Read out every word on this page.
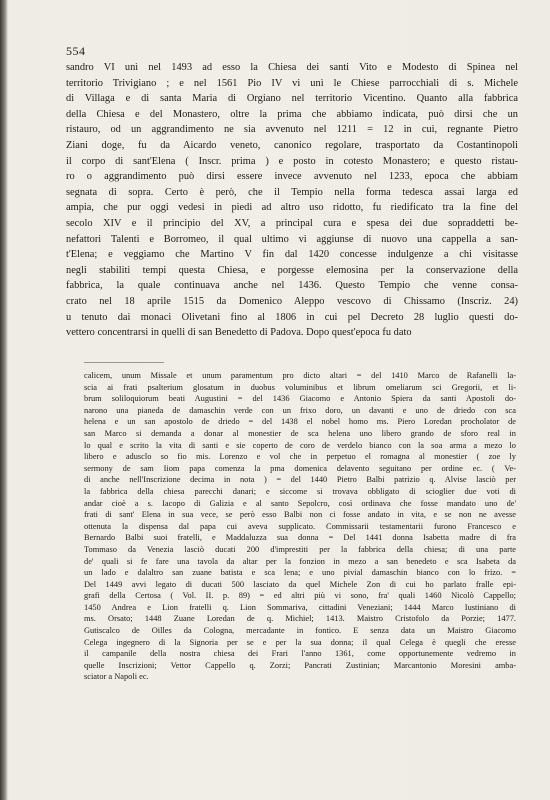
554
sandro VI unì nel 1493 ad esso la Chiesa dei santi Vito e Modesto di Spinea nel
territorio Trivigiano ; e nel 1561 Pio IV vi unì le Chiese parrocchiali di s. Michele
di Villaga e di santa Maria di Orgiano nel territorio Vicentino. Quanto alla fabbrica
della Chiesa e del Monastero, oltre la prima che abbiamo indicata, può dirsi che un
ristauro, od un aggrandimento ne sia avvenuto nel 1211 = 12 in cui, regnante Pietro
Ziani doge, fu da Aicardo veneto, canonico regolare, trasportato da Costantinopoli
il corpo di sant'Elena ( Inscr. prima ) e posto in cotesto Monastero; e questo ristau-
ro o aggrandimento può dirsi essere invece avvenuto nel 1233, epoca che abbiam
segnata di sopra. Certo è però, che il Tempio nella forma tedesca assai larga ed
ampia, che pur oggi vedesi in piedi ad altro uso ridotto, fu riedificato tra la fine del
secolo XIV e il principio del XV, a principal cura e spesa dei due sopraddetti be-
nefattori Talenti e Borromeo, il qual ultimo vi aggiunse di nuovo una cappella a san-
t'Elena; e veggiamo che Martino V fin dal 1420 concesse indulgenze a chi visitasse
negli stabiliti tempi questa Chiesa, e porgesse elemosina per la conservazione della
fabbrica, la quale continuava anche nel 1436. Questo Tempio che venne consa-
crato nel 18 aprile 1515 da Domenico Aleppo vescovo di Chissamo (Inscriz. 24)
u tenuto dai monaci Olivetani fino al 1806 in cui pel Decreto 28 luglio questi do-
vettero concentrarsi in quelli di san Benedetto di Padova. Dopo quest'epoca fu dato
calicem, unum Missale et unum paramentum pro dicto altari = del 1410 Marco de Rafanelli la-
scia ai frati psalterium glosatum in duobus voluminibus et librum omeliarum sci Gregorii, et li-
brum soliloquiorum beati Augustini = del 1436 Giacomo e Antonio Spiera da santi Apostoli do-
narono una pianeda de damaschin verde con un frixo doro, un davanti e uno de driedo con sca
helena e un san apostolo de driedo = del 1438 el nobel homo ms. Piero Loredan procholator de
san Marco si demanda a donar al monestier de sca helena uno libero grando de sforo real in
lo qual e scrito la vita di santi e sie coperto de coro de verdelo bianco con la soa arma a mezo lo
libero e adusclo so fio mis. Lorenzo e vol che in perpetuo el romagna al monestier ( zoe ly
sermony de sam Iiom papa comenza la pma domenica delavento seguitano per ordine ec. ( Ve-
di anche nell'Inscrizione decima in nota ) = del 1440 Pietro Balbi patrizio q. Alvise lasciò per
la fabbrica della chiesa parecchi danari; e siccome si trovava obbligato di scioglier due voti di
andar cioè a s. Iacopo di Galizia e al santo Sepolcro, così ordinava che fosse mandato uno de'
frati di sant' Elena in sua vece, se però esso Balbi non ci fosse andato in vita, e se non ne avesse
ottenuta la dispensa dal papa cui aveva supplicato. Commissarii testamentarii furono Francesco e
Bernardo Balbi suoi fratelli, e Maddaluzza sua donna = Del 1441 donna Isabetta madre di fra
Tommaso da Venezia lasciò ducati 200 d'imprestiti per la fabbrica della chiesa; di una parte
de' quali si fe fare una tavola da altar per la fonzion in mezo a san benedeto e sca Isabeta da
un lado e dalaltro san zuane batista e sca lena; e uno pivial damaschin bianco con lo frizo. =
Del 1449 avvi legato di ducati 500 lasciato da quel Michele Zon di cui ho parlato fralle epi-
grafi della Certosa ( Vol. II. p. 89) = ed altri più vi sono, fra' quali 1460 Nicolò Cappello;
1450 Andrea e Lion fratelli q. Lion Sommariva, cittadini Veneziani; 1444 Marco Iustiniano di
ms. Orsato; 1448 Zuane Loredan de q. Michiel; 1413. Maistro Cristofolo da Porzie; 1477.
Gutiscalco de Oilles da Cologna, mercadante in fontico. E senza data un Maistro Giacomo
Celega ingegnero di la Signoria per se e per la sua donna; il qual Celega è quegli che eresse
il campanile della nostra chiesa dei Frari l'anno 1361, come opportunemente vedremo in
quelle Inscrizioni; Vettor Cappello q. Zorzi; Pancrati Zustinian; Marcantonio Moresini amba-
sciator a Napoli ec.
